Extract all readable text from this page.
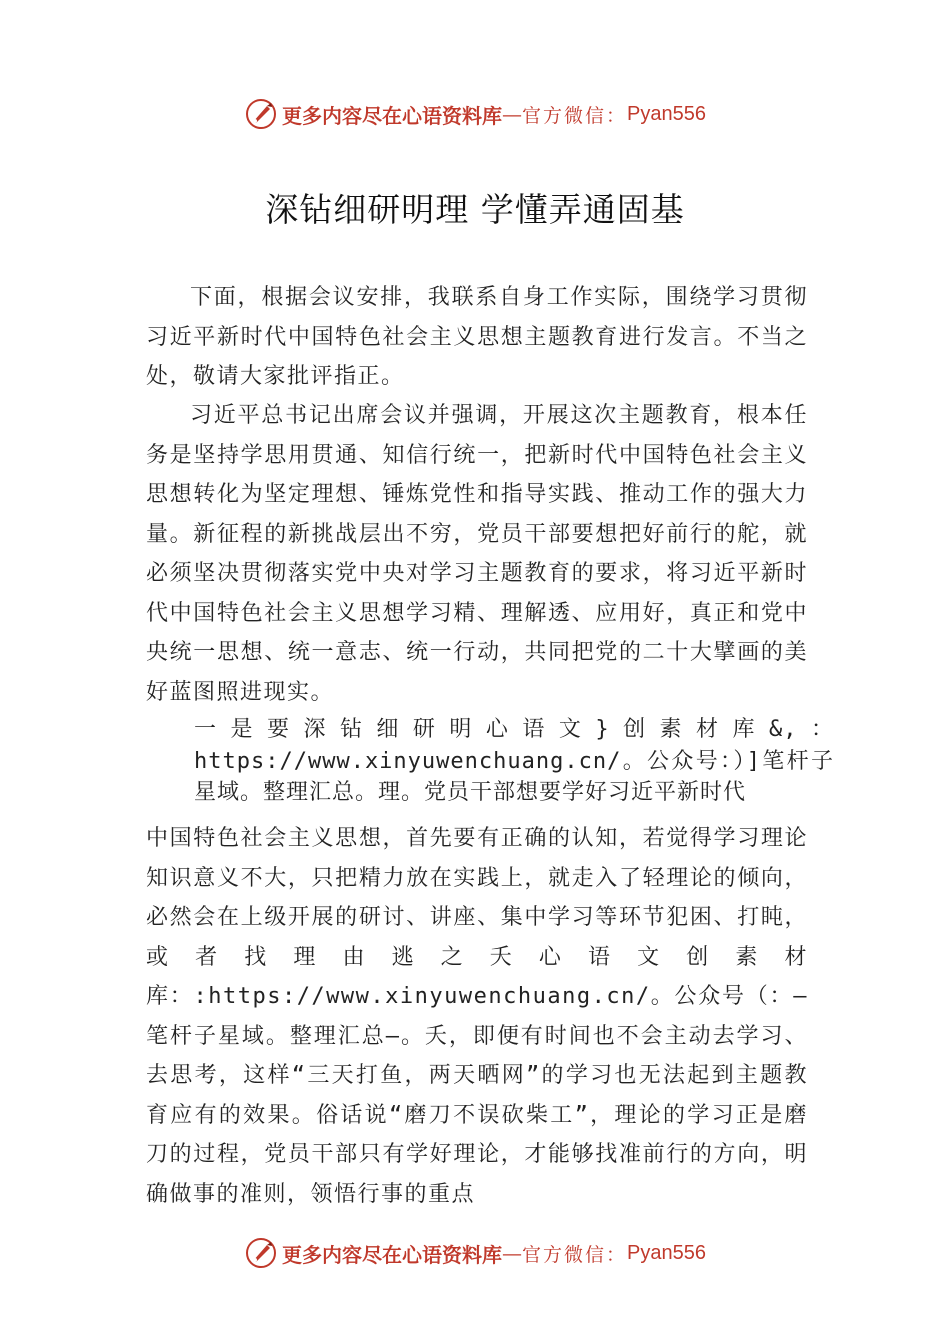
更多内容尽在心语资料库 — 官方微信： Pyan556
深钻细研明理 学懂弄通固基

下面，根据会议安排，我联系自身工作实际，围绕学习贯彻习近平新时代中国特色社会主义思想主题教育进行发言。不当之处，敬请大家批评指正。

习近平总书记出席会议并强调，开展这次主题教育，根本任务是坚持学思用贯通、知信行统一，把新时代中国特色社会主义思想转化为坚定理想、锤炼党性和指导实践、推动工作的强大力量。新征程的新挑战层出不穷，党员干部要想把好前行的舵，就必须坚决贯彻落实党中央对学习主题教育的要求，将习近平新时代中国特色社会主义思想学习精、理解透、应用好，真正和党中央统一思想、统一意志、统一行动，共同把党的二十大擘画的美好蓝图照进现实。

一是要深钻细研明心语文}创素材库&,：https://www.xinyuwenchuang.cn/。公众号：）]笔杆子星域。整理汇总。理。党员干部想要学好习近平新时代

中国特色社会主义思想，首先要有正确的认知，若觉得学习理论知识意义不大，只把精力放在实践上，就走入了轻理论的倾向，必然会在上级开展的研讨、讲座、集中学习等环节犯困、打盹，或者找理由逃之夭心语文创素材库：:https://www.xinyuwenchuang.cn/。公众号（：—笔杆子星域。整理汇总—。夭，即便有时间也不会主动去学习、去思考，这样“三天打鱼，两天晒网”的学习也无法起到主题教育应有的效果。俗话说“磨刀不误砍柴工”，理论的学习正是磨刀的过程，党员干部只有学好理论，才能够找准前行的方向，明确做事的准则，领悟行事的重点

更多内容尽在心语资料库 — 官方微信： Pyan556
